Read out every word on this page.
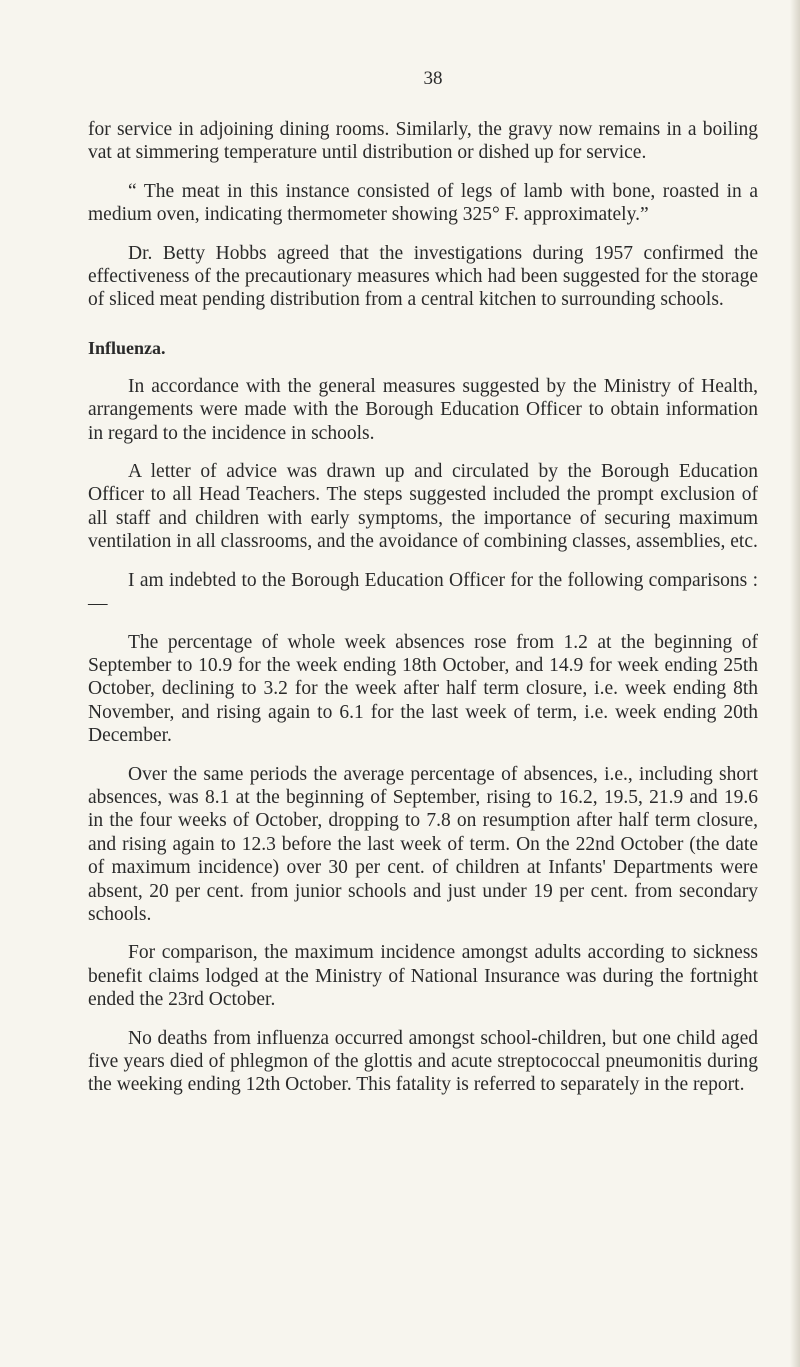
38

for service in adjoining dining rooms. Similarly, the gravy now remains in a boiling vat at simmering temperature until distribution or dished up for service.

“ The meat in this instance consisted of legs of lamb with bone, roasted in a medium oven, indicating thermometer showing 325° F. approximately.”

Dr. Betty Hobbs agreed that the investigations during 1957 confirmed the effectiveness of the precautionary measures which had been suggested for the storage of sliced meat pending distribution from a central kitchen to surrounding schools.

Influenza.

In accordance with the general measures suggested by the Ministry of Health, arrangements were made with the Borough Education Officer to obtain information in regard to the incidence in schools.

A letter of advice was drawn up and circulated by the Borough Education Officer to all Head Teachers. The steps suggested included the prompt exclusion of all staff and children with early symptoms, the importance of securing maximum ventilation in all classrooms, and the avoidance of combining classes, assemblies, etc.

I am indebted to the Borough Education Officer for the following comparisons :—

The percentage of whole week absences rose from 1.2 at the beginning of September to 10.9 for the week ending 18th October, and 14.9 for week ending 25th October, declining to 3.2 for the week after half term closure, i.e. week ending 8th November, and rising again to 6.1 for the last week of term, i.e. week ending 20th December.

Over the same periods the average percentage of absences, i.e., including short absences, was 8.1 at the beginning of September, rising to 16.2, 19.5, 21.9 and 19.6 in the four weeks of October, dropping to 7.8 on resumption after half term closure, and rising again to 12.3 before the last week of term. On the 22nd October (the date of maximum incidence) over 30 per cent. of children at Infants' Departments were absent, 20 per cent. from junior schools and just under 19 per cent. from secondary schools.

For comparison, the maximum incidence amongst adults according to sickness benefit claims lodged at the Ministry of National Insurance was during the fortnight ended the 23rd October.

No deaths from influenza occurred amongst school-children, but one child aged five years died of phlegmon of the glottis and acute streptococcal pneumonitis during the weeking ending 12th October. This fatality is referred to separately in the report.
